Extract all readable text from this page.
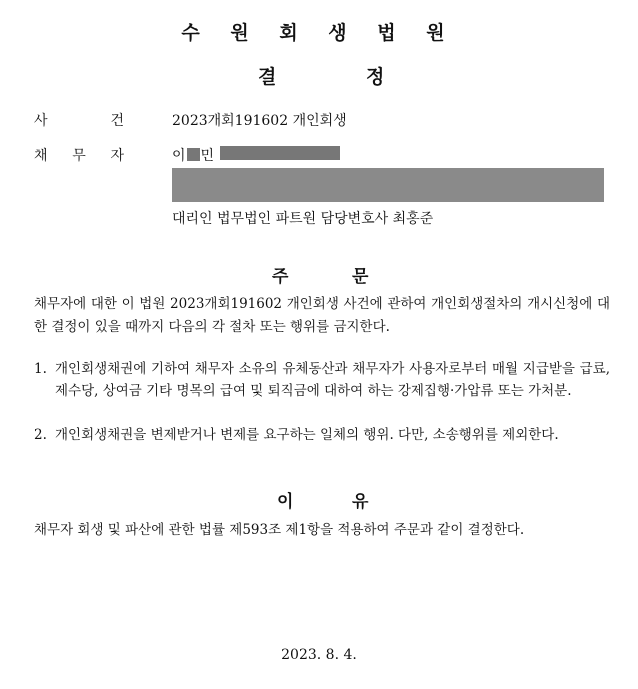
수 원 회 생 법 원
결	정
사	건	2023개회191602 개인회생
채 무 자	이 민
대리인 법무법인 파트원 담당변호사 최홍준
주	문
채무자에 대한 이 법원 2023개회191602 개인회생 사건에 관하여 개인회생절차의 개시신청에 대한 결정이 있을 때까지 다음의 각 절차 또는 행위를 금지한다.
1. 개인회생채권에 기하여 채무자 소유의 유체동산과 채무자가 사용자로부터 매월 지급받을 급료, 제수당, 상여금 기타 명목의 급여 및 퇴직금에 대하여 하는 강제집행·가압류 또는 가처분.
2. 개인회생채권을 변제받거나 변제를 요구하는 일체의 행위. 다만, 소송행위를 제외한다.
이	유
채무자 회생 및 파산에 관한 법률 제593조 제1항을 적용하여 주문과 같이 결정한다.
2023. 8. 4.
